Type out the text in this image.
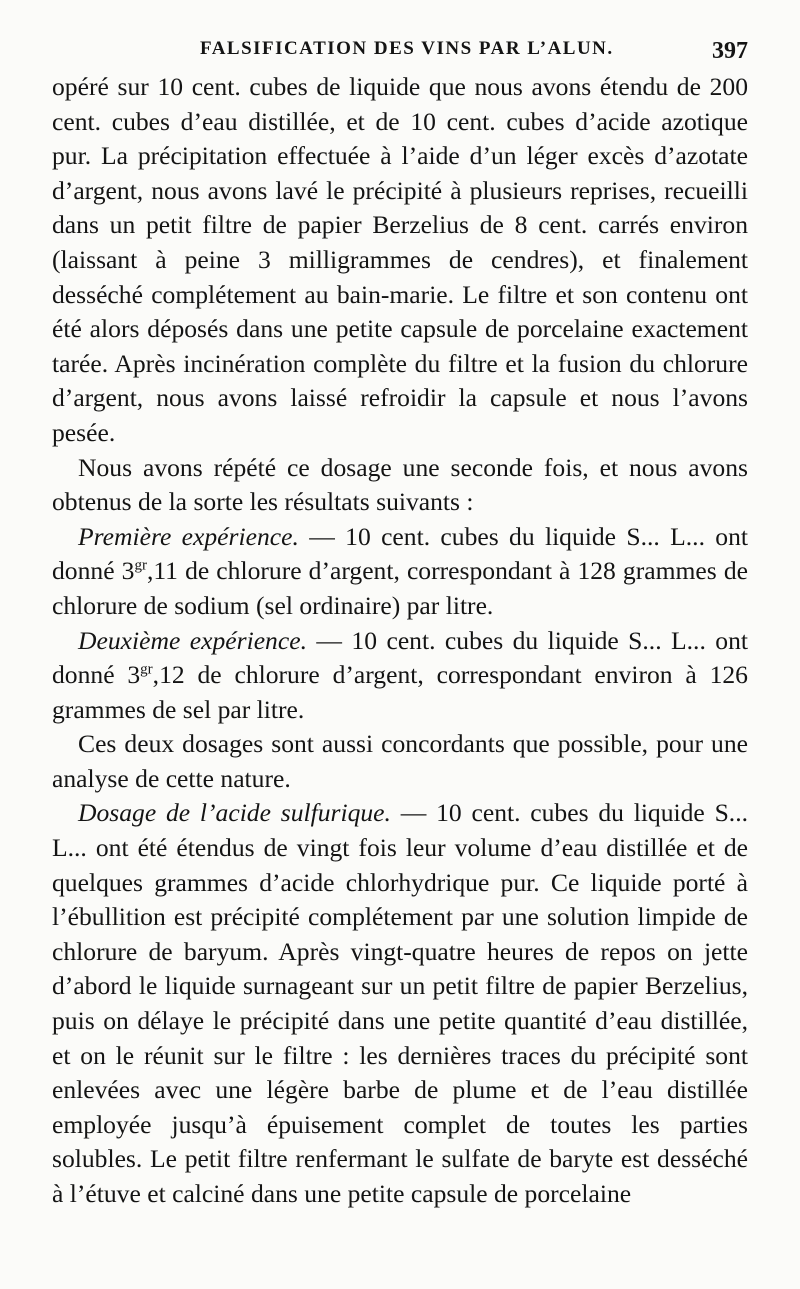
FALSIFICATION DES VINS PAR L’ALUN.	397

opéré sur 10 cent. cubes de liquide que nous avons étendu de 200 cent. cubes d’eau distillée, et de 10 cent. cubes d’acide azotique pur. La précipitation effectuée à l’aide d’un léger excès d’azotate d’argent, nous avons lavé le précipité à plusieurs reprises, recueilli dans un petit filtre de papier Berzelius de 8 cent. carrés environ (laissant à peine 3 milligrammes de cendres), et finalement desséché complétement au bain-marie. Le filtre et son contenu ont été alors déposés dans une petite capsule de porcelaine exactement tarée. Après incinération complète du filtre et la fusion du chlorure d’argent, nous avons laissé refroidir la capsule et nous l’avons pesée.

Nous avons répété ce dosage une seconde fois, et nous avons obtenus de la sorte les résultats suivants :

Première expérience. — 10 cent. cubes du liquide S... L... ont donné $3^{gr},11$ de chlorure d’argent, correspondant à 128 grammes de chlorure de sodium (sel ordinaire) par litre.

Deuxième expérience. — 10 cent. cubes du liquide S... L... ont donné $3^{gr},12$ de chlorure d’argent, correspondant environ à 126 grammes de sel par litre.

Ces deux dosages sont aussi concordants que possible, pour une analyse de cette nature.

Dosage de l’acide sulfurique. — 10 cent. cubes du liquide S... L... ont été étendus de vingt fois leur volume d’eau distillée et de quelques grammes d’acide chlorhydrique pur. Ce liquide porté à l’ébullition est précipité complétement par une solution limpide de chlorure de baryum. Après vingt-quatre heures de repos on jette d’abord le liquide surnageant sur un petit filtre de papier Berzelius, puis on délaye le précipité dans une petite quantité d’eau distillée, et on le réunit sur le filtre : les dernières traces du précipité sont enlevées avec une légère barbe de plume et de l’eau distillée employée jusqu’à épuisement complet de toutes les parties solubles. Le petit filtre renfermant le sulfate de baryte est desséché à l’étuve et calciné dans une petite capsule de porcelaine
